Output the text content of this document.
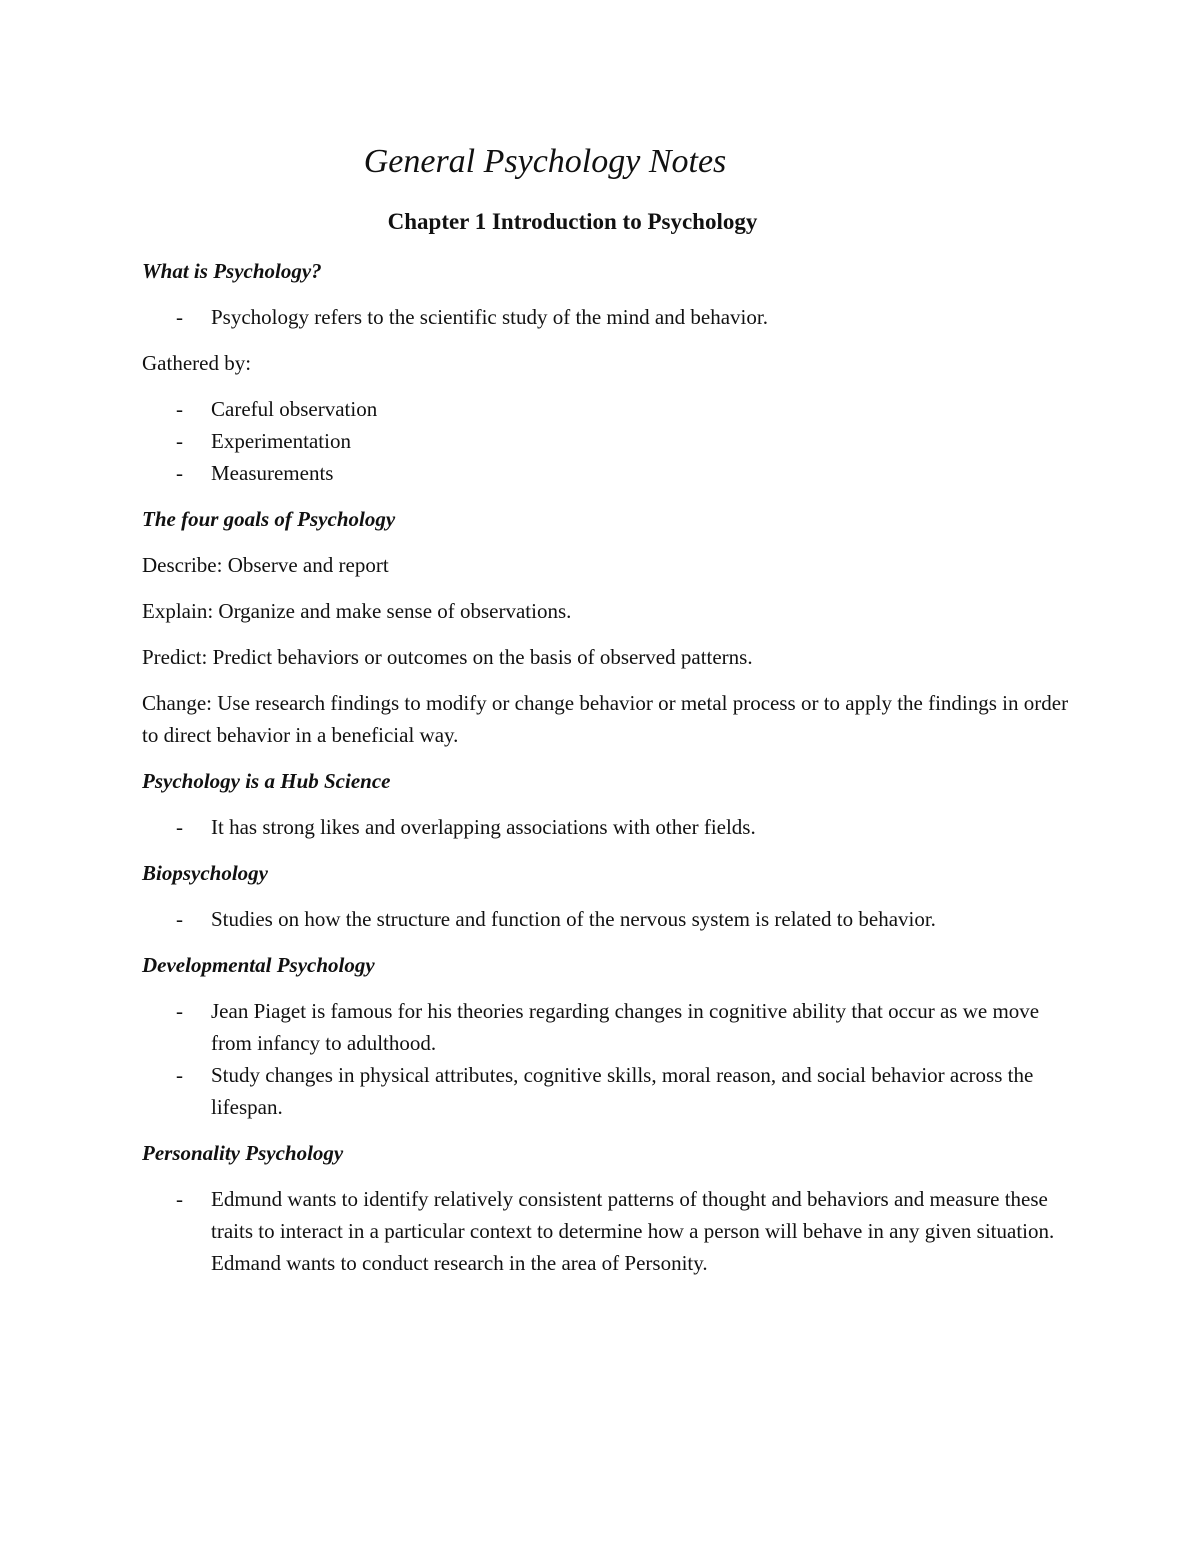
General Psychology Notes
Chapter 1 Introduction to Psychology

What is Psychology?

-	Psychology refers to the scientific study of the mind and behavior.

Gathered by:

-	Careful observation
-	Experimentation
-	Measurements

The four goals of Psychology

Describe: Observe and report

Explain: Organize and make sense of observations.

Predict: Predict behaviors or outcomes on the basis of observed patterns.

Change: Use research findings to modify or change behavior or metal process or to apply the findings in order to direct behavior in a beneficial way.

Psychology is a Hub Science

-	It has strong likes and overlapping associations with other fields.

Biopsychology

-	Studies on how the structure and function of the nervous system is related to behavior.

Developmental Psychology

-	Jean Piaget is famous for his theories regarding changes in cognitive ability that occur as we move from infancy to adulthood.
-	Study changes in physical attributes, cognitive skills, moral reason, and social behavior across the lifespan.

Personality Psychology

-	Edmund wants to identify relatively consistent patterns of thought and behaviors and measure these traits to interact in a particular context to determine how a person will behave in any given situation. Edmand wants to conduct research in the area of Personity.
